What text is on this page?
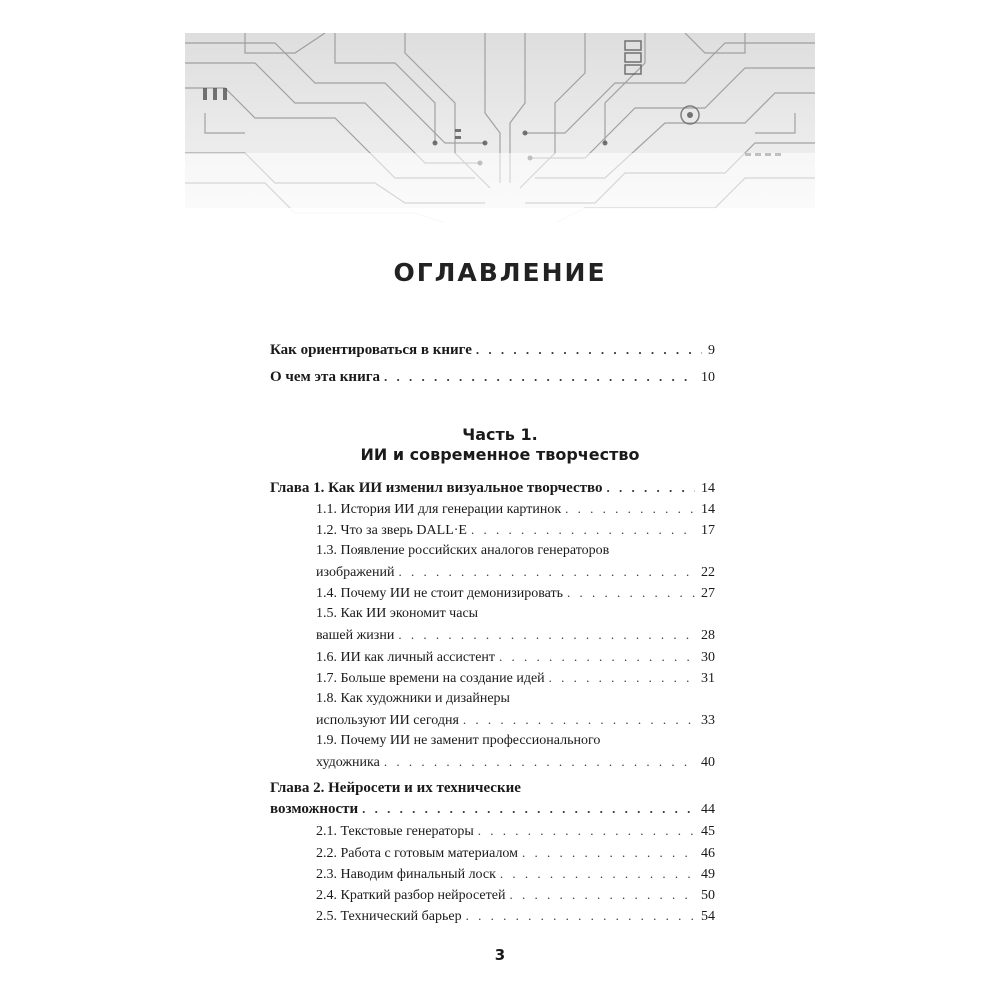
ОГЛАВЛЕНИЕ
Как ориентироваться в книге . . .	9
О чем эта книга . . .	10
Часть 1.
ИИ и современное творчество
Глава 1. Как ИИ изменил визуальное творчество . . .	14
1.1. История ИИ для генерации картинок . . .	14
1.2. Что за зверь DALL·E . . .	17
1.3. Появление российских аналогов генераторов
изображений . . .	22
1.4. Почему ИИ не стоит демонизировать . . .	27
1.5. Как ИИ экономит часы
вашей жизни . . .	28
1.6. ИИ как личный ассистент . . .	30
1.7. Больше времени на создание идей . . .	31
1.8. Как художники и дизайнеры
используют ИИ сегодня . . .	33
1.9. Почему ИИ не заменит профессионального
художника . . .	40
Глава 2. Нейросети и их технические
возможности . . .	44
2.1. Текстовые генераторы . . .	45
2.2. Работа с готовым материалом . . .	46
2.3. Наводим финальный лоск . . .	49
2.4. Краткий разбор нейросетей . . .	50
2.5. Технический барьер . . .	54
3
